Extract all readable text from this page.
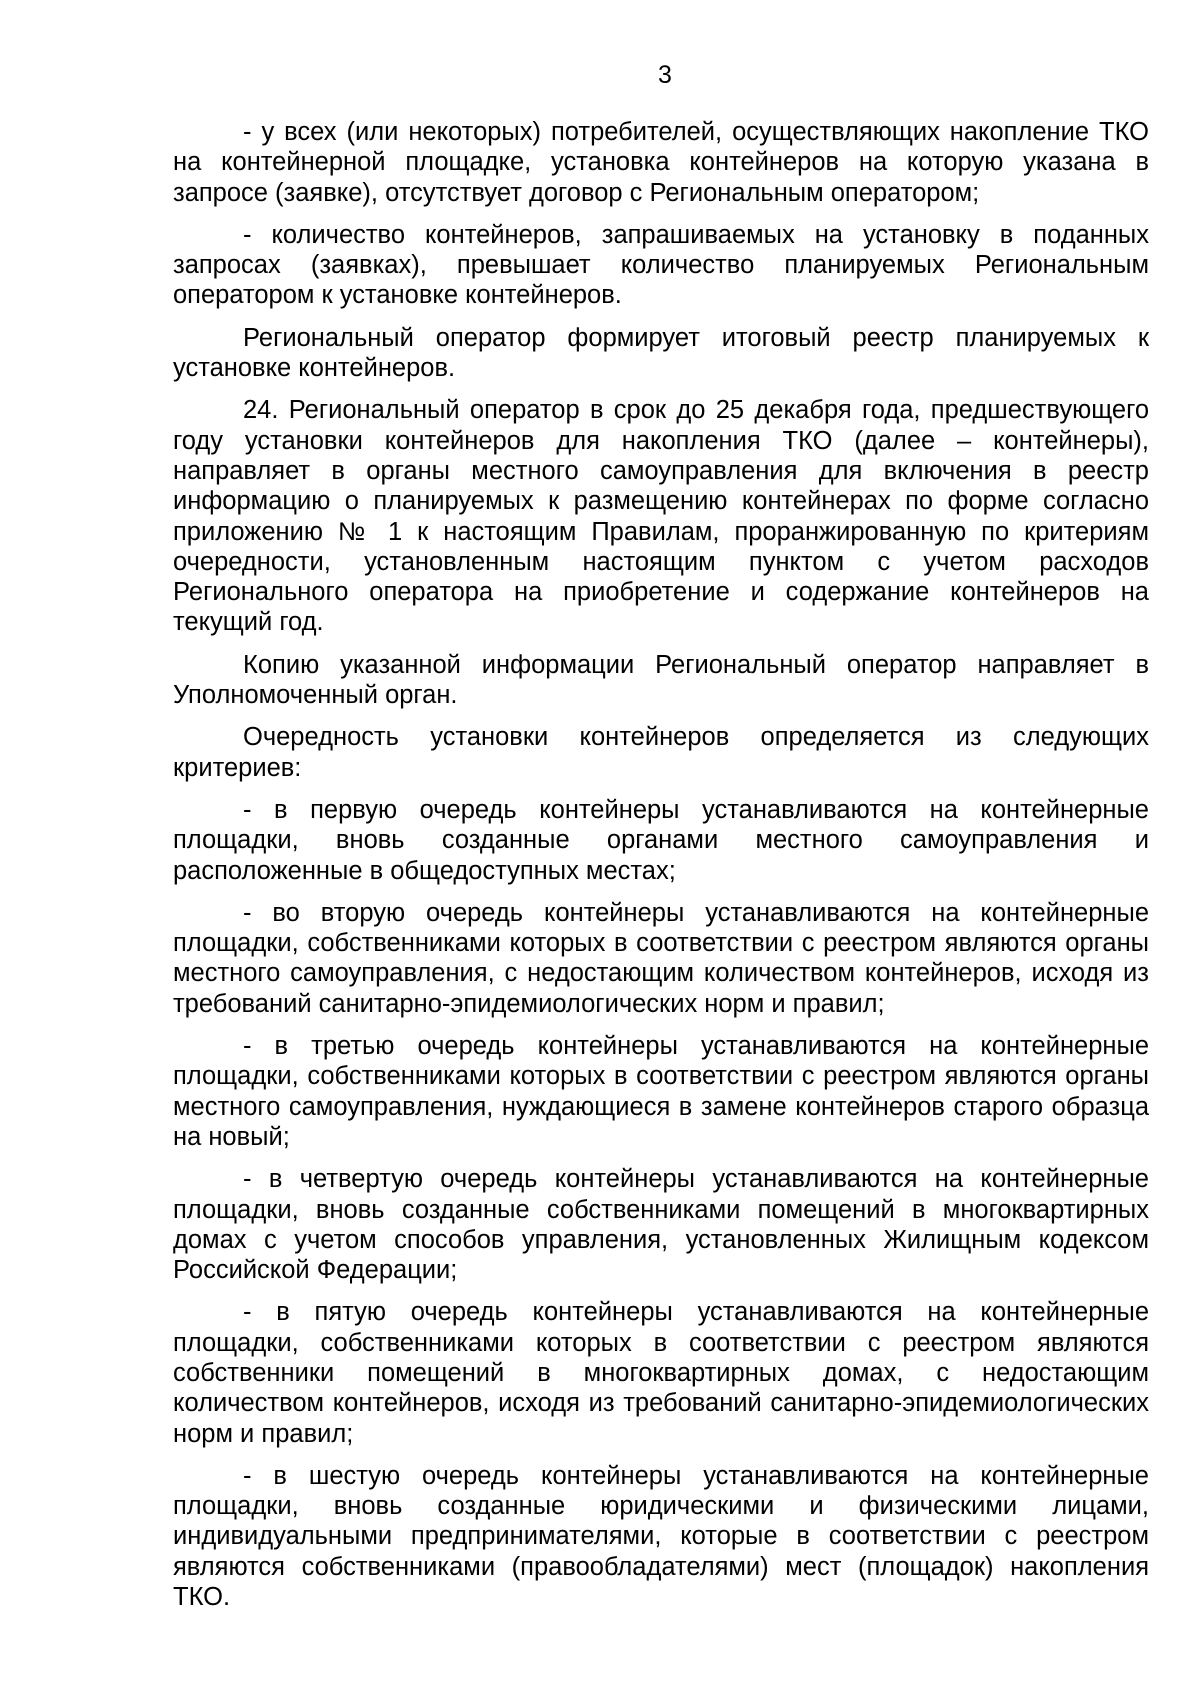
3

- у всех (или некоторых) потребителей, осуществляющих накопление ТКО на контейнерной площадке, установка контейнеров на которую указана в запросе (заявке), отсутствует договор с Региональным оператором;

- количество контейнеров, запрашиваемых на установку в поданных запросах (заявках), превышает количество планируемых Региональным оператором к установке контейнеров.

Региональный оператор формирует итоговый реестр планируемых к установке контейнеров.

24. Региональный оператор в срок до 25 декабря года, предшествующего году установки контейнеров для накопления ТКО (далее – контейнеры), направляет в органы местного самоуправления для включения в реестр информацию о планируемых к размещению контейнерах по форме согласно приложению № 1 к настоящим Правилам, проранжированную по критериям очередности, установленным настоящим пунктом с учетом расходов Регионального оператора на приобретение и содержание контейнеров на текущий год.

Копию указанной информации Региональный оператор направляет в Уполномоченный орган.

Очередность установки контейнеров определяется из следующих критериев:

- в первую очередь контейнеры устанавливаются на контейнерные площадки, вновь созданные органами местного самоуправления и расположенные в общедоступных местах;

- во вторую очередь контейнеры устанавливаются на контейнерные площадки, собственниками которых в соответствии с реестром являются органы местного самоуправления, с недостающим количеством контейнеров, исходя из требований санитарно-эпидемиологических норм и правил;

- в третью очередь контейнеры устанавливаются на контейнерные площадки, собственниками которых в соответствии с реестром являются органы местного самоуправления, нуждающиеся в замене контейнеров старого образца на новый;

- в четвертую очередь контейнеры устанавливаются на контейнерные площадки, вновь созданные собственниками помещений в многоквартирных домах с учетом способов управления, установленных Жилищным кодексом Российской Федерации;

- в пятую очередь контейнеры устанавливаются на контейнерные площадки, собственниками которых в соответствии с реестром являются собственники помещений в многоквартирных домах, с недостающим количеством контейнеров, исходя из требований санитарно-эпидемиологических норм и правил;

- в шестую очередь контейнеры устанавливаются на контейнерные площадки, вновь созданные юридическими и физическими лицами, индивидуальными предпринимателями, которые в соответствии с реестром являются собственниками (правообладателями) мест (площадок) накопления ТКО.
